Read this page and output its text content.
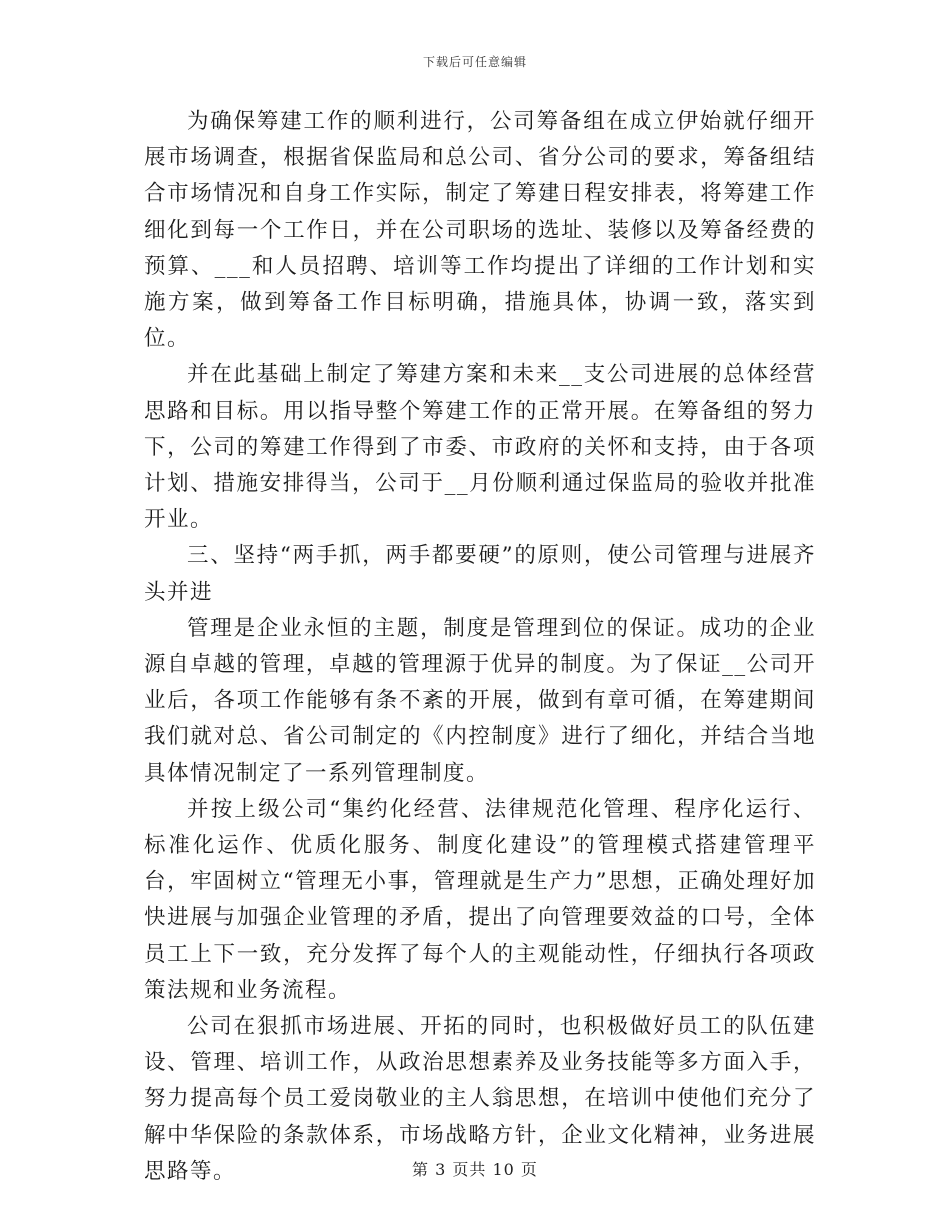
下载后可任意编辑

为确保筹建工作的顺利进行，公司筹备组在成立伊始就仔细开展市场调查，根据省保监局和总公司、省分公司的要求，筹备组结合市场情况和自身工作实际，制定了筹建日程安排表，将筹建工作细化到每一个工作日，并在公司职场的选址、装修以及筹备经费的预算、___和人员招聘、培训等工作均提出了详细的工作计划和实施方案，做到筹备工作目标明确，措施具体，协调一致，落实到位。

并在此基础上制定了筹建方案和未来__支公司进展的总体经营思路和目标。用以指导整个筹建工作的正常开展。在筹备组的努力下，公司的筹建工作得到了市委、市政府的关怀和支持，由于各项计划、措施安排得当，公司于__月份顺利通过保监局的验收并批准开业。

三、坚持“两手抓，两手都要硬”的原则，使公司管理与进展齐头并进

管理是企业永恒的主题，制度是管理到位的保证。成功的企业源自卓越的管理，卓越的管理源于优异的制度。为了保证__公司开业后，各项工作能够有条不紊的开展，做到有章可循，在筹建期间我们就对总、省公司制定的《内控制度》进行了细化，并结合当地具体情况制定了一系列管理制度。

并按上级公司“集约化经营、法律规范化管理、程序化运行、标准化运作、优质化服务、制度化建设”的管理模式搭建管理平台，牢固树立“管理无小事，管理就是生产力”思想，正确处理好加快进展与加强企业管理的矛盾，提出了向管理要效益的口号，全体员工上下一致，充分发挥了每个人的主观能动性，仔细执行各项政策法规和业务流程。

公司在狠抓市场进展、开拓的同时，也积极做好员工的队伍建设、管理、培训工作，从政治思想素养及业务技能等多方面入手，努力提高每个员工爱岗敬业的主人翁思想，在培训中使他们充分了解中华保险的条款体系，市场战略方针，企业文化精神，业务进展思路等。	第 3 页共 10 页
